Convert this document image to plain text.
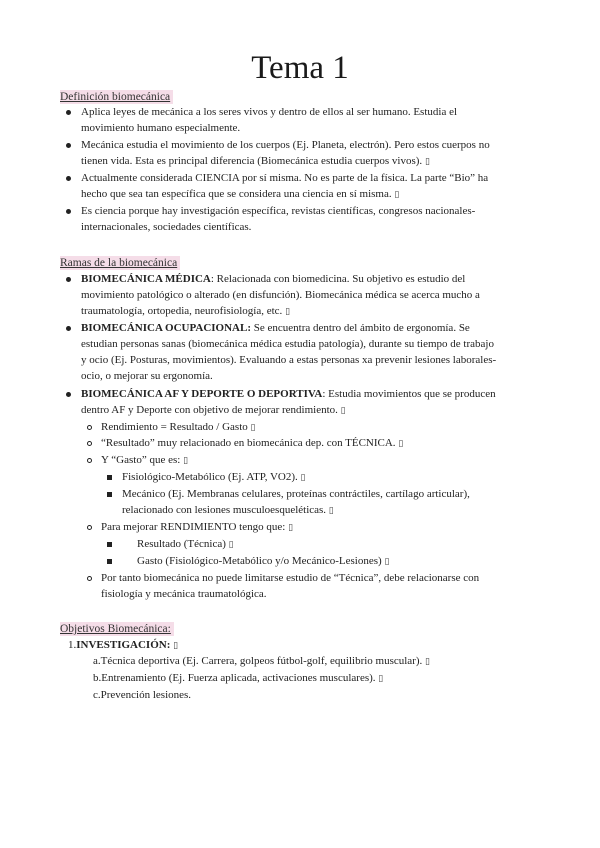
Tema 1
Definición biomecánica
Aplica leyes de mecánica a los seres vivos y dentro de ellos al ser humano. Estudia el
movimiento humano especialmente.
Mecánica estudia el movimiento de los cuerpos (Ej. Planeta, electrón). Pero estos cuerpos no
tienen vida. Esta es principal diferencia (Biomecánica estudia cuerpos vivos). ▯
Actualmente considerada CIENCIA por sí misma. No es parte de la física. La parte “Bio” ha
hecho que sea tan específica que se considera una ciencia en sí misma. ▯
Es ciencia porque hay investigación específica, revistas científicas, congresos nacionales-
internacionales, sociedades científicas.
Ramas de la biomecánica
BIOMECÁNICA MÉDICA: Relacionada con biomedicina. Su objetivo es estudio del
movimiento patológico o alterado (en disfunción). Biomecánica médica se acerca mucho a
traumatología, ortopedia, neurofisiología, etc. ▯
BIOMECÁNICA OCUPACIONAL: Se encuentra dentro del ámbito de ergonomía. Se
estudian personas sanas (biomecánica médica estudia patología), durante su tiempo de trabajo
y ocio (Ej. Posturas, movimientos). Evaluando a estas personas xa prevenir lesiones laborales-
ocio, o mejorar su ergonomía.
BIOMECÁNICA AF Y DEPORTE O DEPORTIVA: Estudia movimientos que se producen
dentro AF y Deporte con objetivo de mejorar rendimiento. ▯
Rendimiento = Resultado / Gasto ▯
“Resultado” muy relacionado en biomecánica dep. con TÉCNICA. ▯
Y “Gasto” que es: ▯
Fisiológico-Metabólico (Ej. ATP, VO2). ▯
Mecánico (Ej. Membranas celulares, proteínas contráctiles, cartílago articular),
relacionado con lesiones musculoesqueléticas. ▯
Para mejorar RENDIMIENTO tengo que: ▯
Resultado (Técnica) ▯
Gasto (Fisiológico-Metabólico y/o Mecánico-Lesiones) ▯
Por tanto biomecánica no puede limitarse estudio de “Técnica”, debe relacionarse con
fisiología y mecánica traumatológica.
Objetivos Biomecánica:
1.INVESTIGACIÓN: ▯
a.Técnica deportiva (Ej. Carrera, golpeos fútbol-golf, equilibrio muscular). ▯
b.Entrenamiento (Ej. Fuerza aplicada, activaciones musculares). ▯
c.Prevención lesiones.
